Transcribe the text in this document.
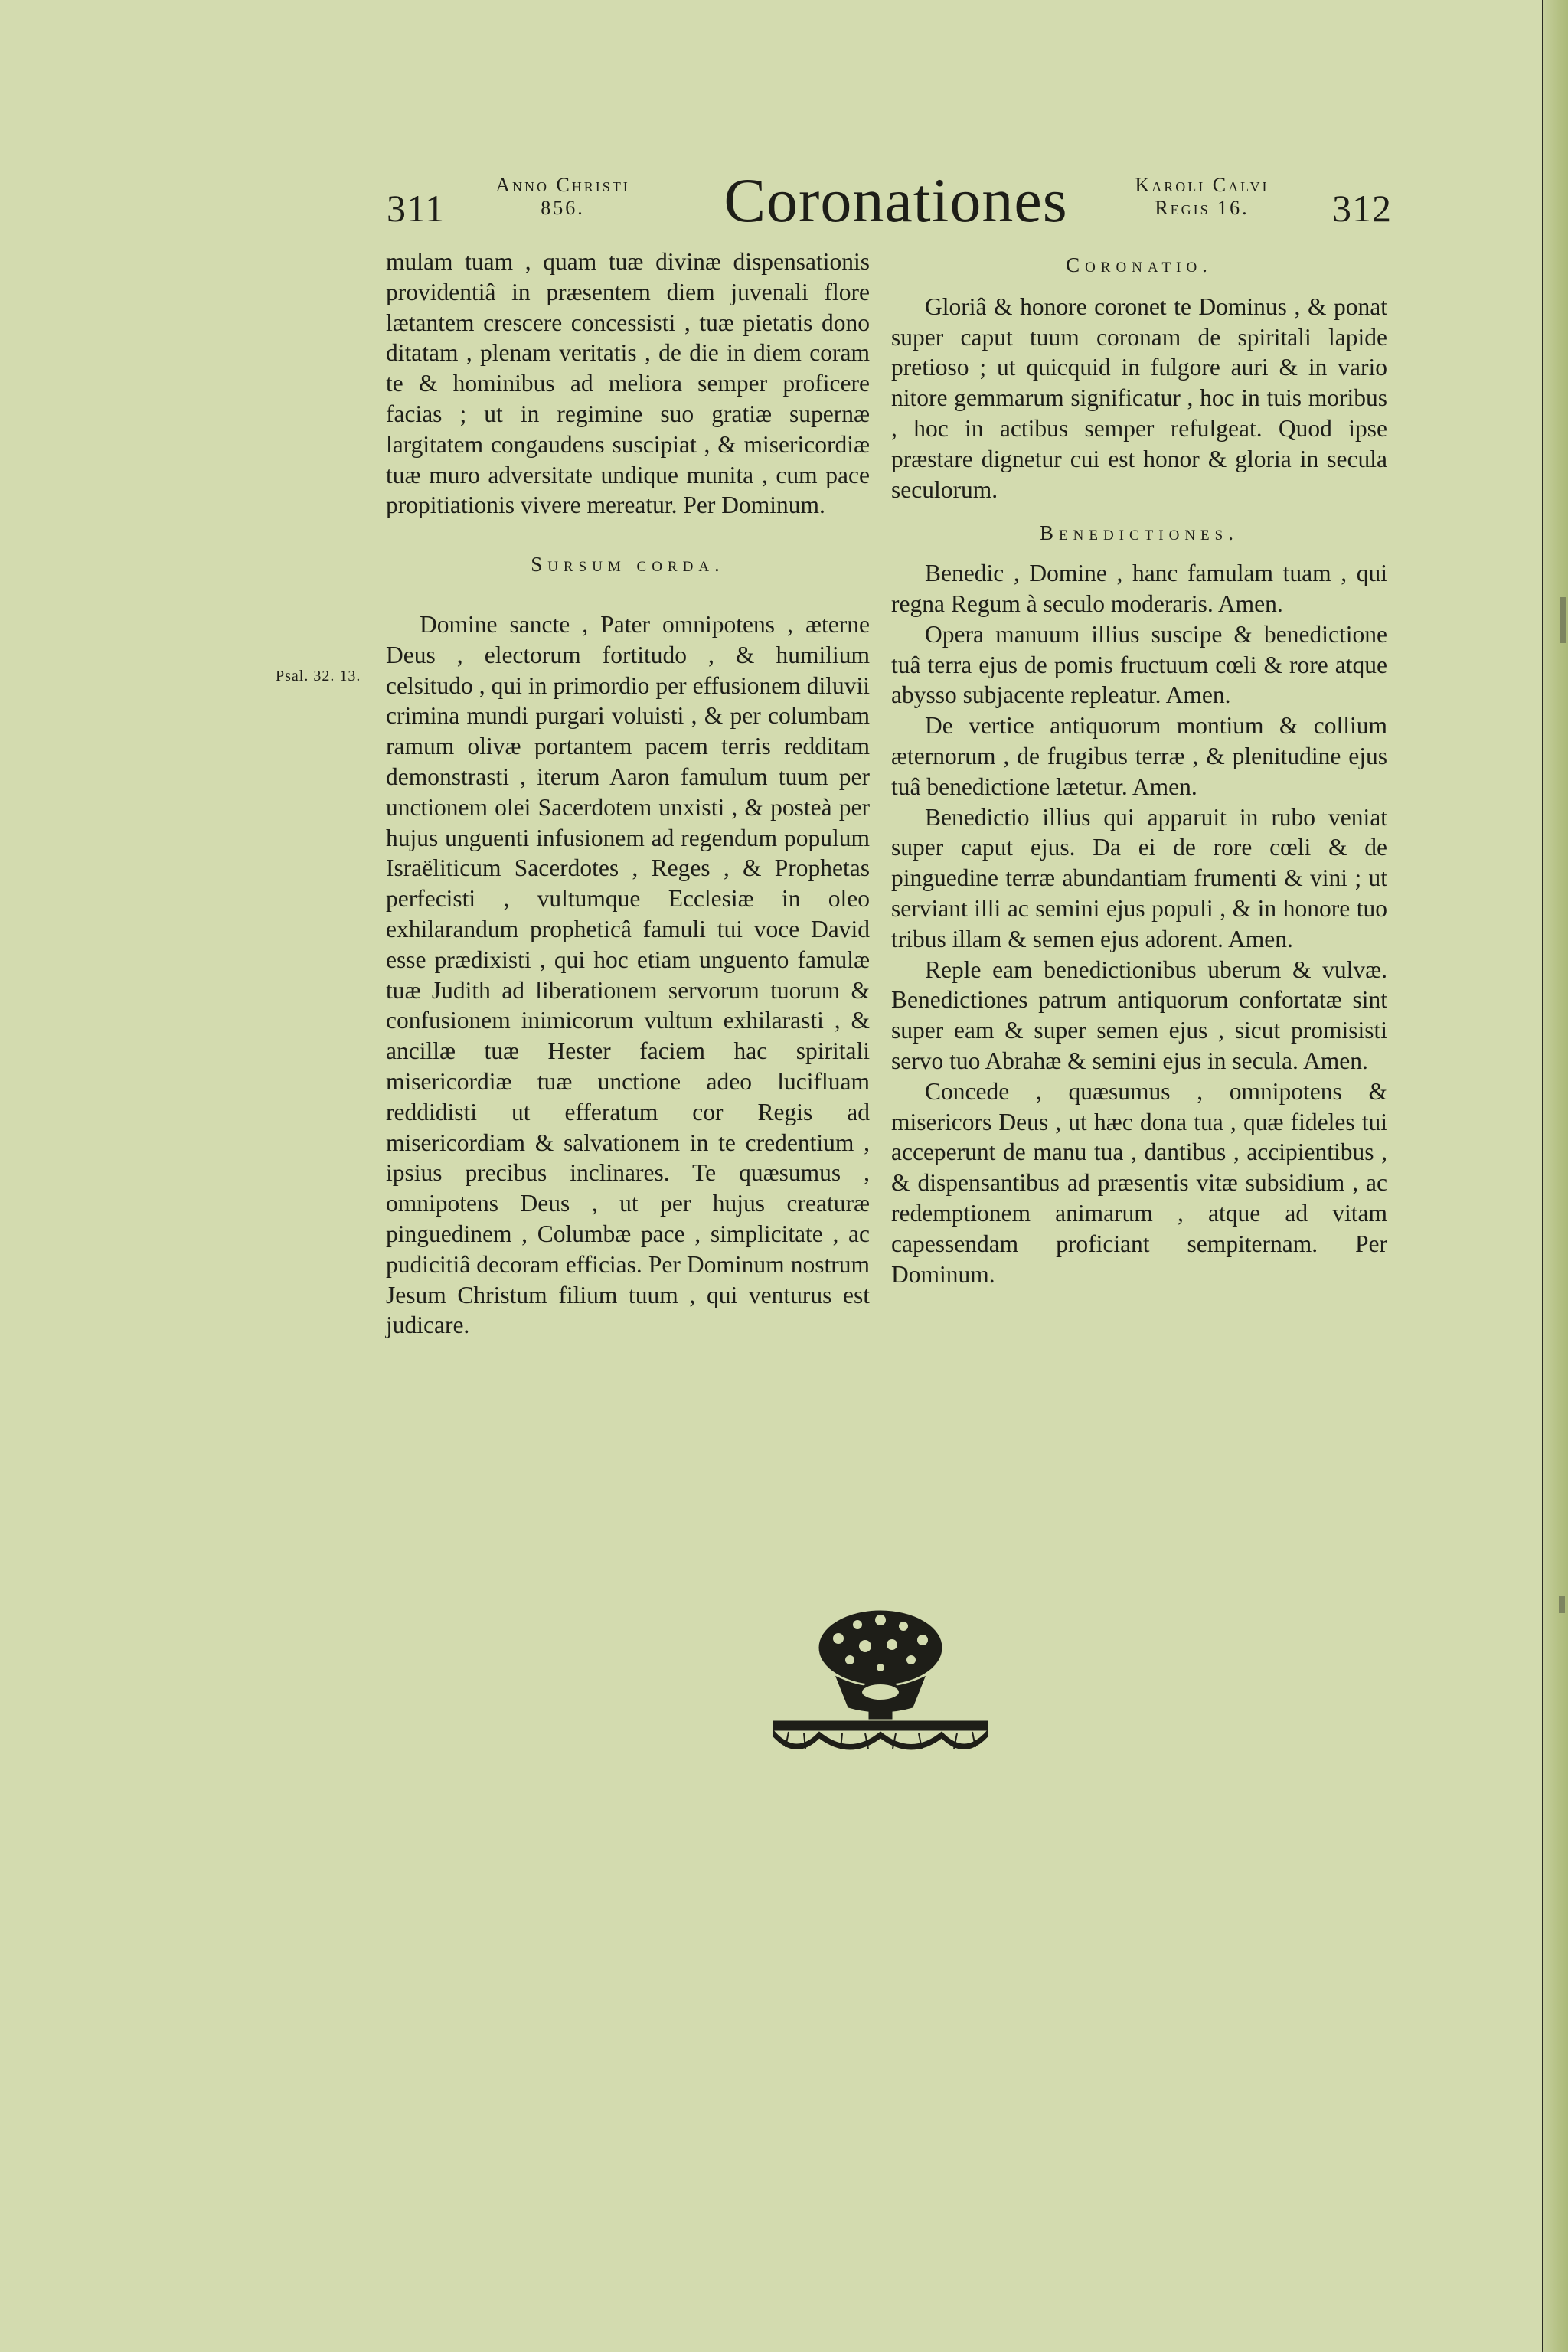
311
Anno Christi
856.	Coronationes	Karoli Calvi
Regis 16.	312
Psal. 32. 13.

mulam tuam , quam tuæ divinæ dispensationis providentiâ in præsentem diem juvenali flore lætantem crescere concessisti , tuæ pietatis dono ditatam , plenam veritatis , de die in diem coram te & hominibus ad meliora semper proficere facias ; ut in regimine suo gratiæ supernæ largitatem congaudens suscipiat , & misericordiæ tuæ muro adversitate undique munita , cum pace propitiationis vivere mereatur. Per Dominum.

Sursum corda.

Domine sancte , Pater omnipotens , æterne Deus , electorum fortitudo , & humilium celsitudo , qui in primordio per effusionem diluvii crimina mundi purgari voluisti , & per columbam ramum olivæ portantem pacem terris redditam demonstrasti , iterum Aaron famulum tuum per unctionem olei Sacerdotem unxisti , & posteà per hujus unguenti infusionem ad regendum populum Israëliticum Sacerdotes , Reges , & Prophetas perfecisti , vultumque Ecclesiæ in oleo exhilarandum propheticâ famuli tui voce David esse prædixisti , qui hoc etiam unguento famulæ tuæ Judith ad liberationem servorum tuorum & confusionem inimicorum vultum exhilarasti , & ancillæ tuæ Hester faciem hac spiritali misericordiæ tuæ unctione adeo lucifluam reddidisti ut efferatum cor Regis ad misericordiam & salvationem in te credentium , ipsius precibus inclinares. Te quæsumus , omnipotens Deus , ut per hujus creaturæ pinguedinem , Columbæ pace , simplicitate , ac pudicitiâ decoram efficias. Per Dominum nostrum Jesum Christum filium tuum , qui venturus est judicare.

Coronatio.

Gloriâ & honore coronet te Dominus , & ponat super caput tuum coronam de spiritali lapide pretioso ; ut quicquid in fulgore auri & in vario nitore gemmarum significatur , hoc in tuis moribus , hoc in actibus semper refulgeat. Quod ipse præstare dignetur cui est honor & gloria in secula seculorum.

Benedictiones.

Benedic , Domine , hanc famulam tuam , qui regna Regum à seculo moderaris. Amen.

Opera manuum illius suscipe & benedictione tuâ terra ejus de pomis fructuum cœli & rore atque abysso subjacente repleatur. Amen.

De vertice antiquorum montium & collium æternorum , de frugibus terræ , & plenitudine ejus tuâ benedictione lætetur. Amen.

Benedictio illius qui apparuit in rubo veniat super caput ejus. Da ei de rore cœli & de pinguedine terræ abundantiam frumenti & vini ; ut serviant illi ac semini ejus populi , & in honore tuo tribus illam & semen ejus adorent. Amen.

Reple eam benedictionibus uberum & vulvæ. Benedictiones patrum antiquorum confortatæ sint super eam & super semen ejus , sicut promisisti servo tuo Abrahæ & semini ejus in secula. Amen.

Concede , quæsumus , omnipotens & misericors Deus , ut hæc dona tua , quæ fideles tui acceperunt de manu tua , dantibus , accipientibus , & dispensantibus ad præsentis vitæ subsidium , ac redemptionem animarum , atque ad vitam capessendam proficiant sempiternam. Per Dominum.
